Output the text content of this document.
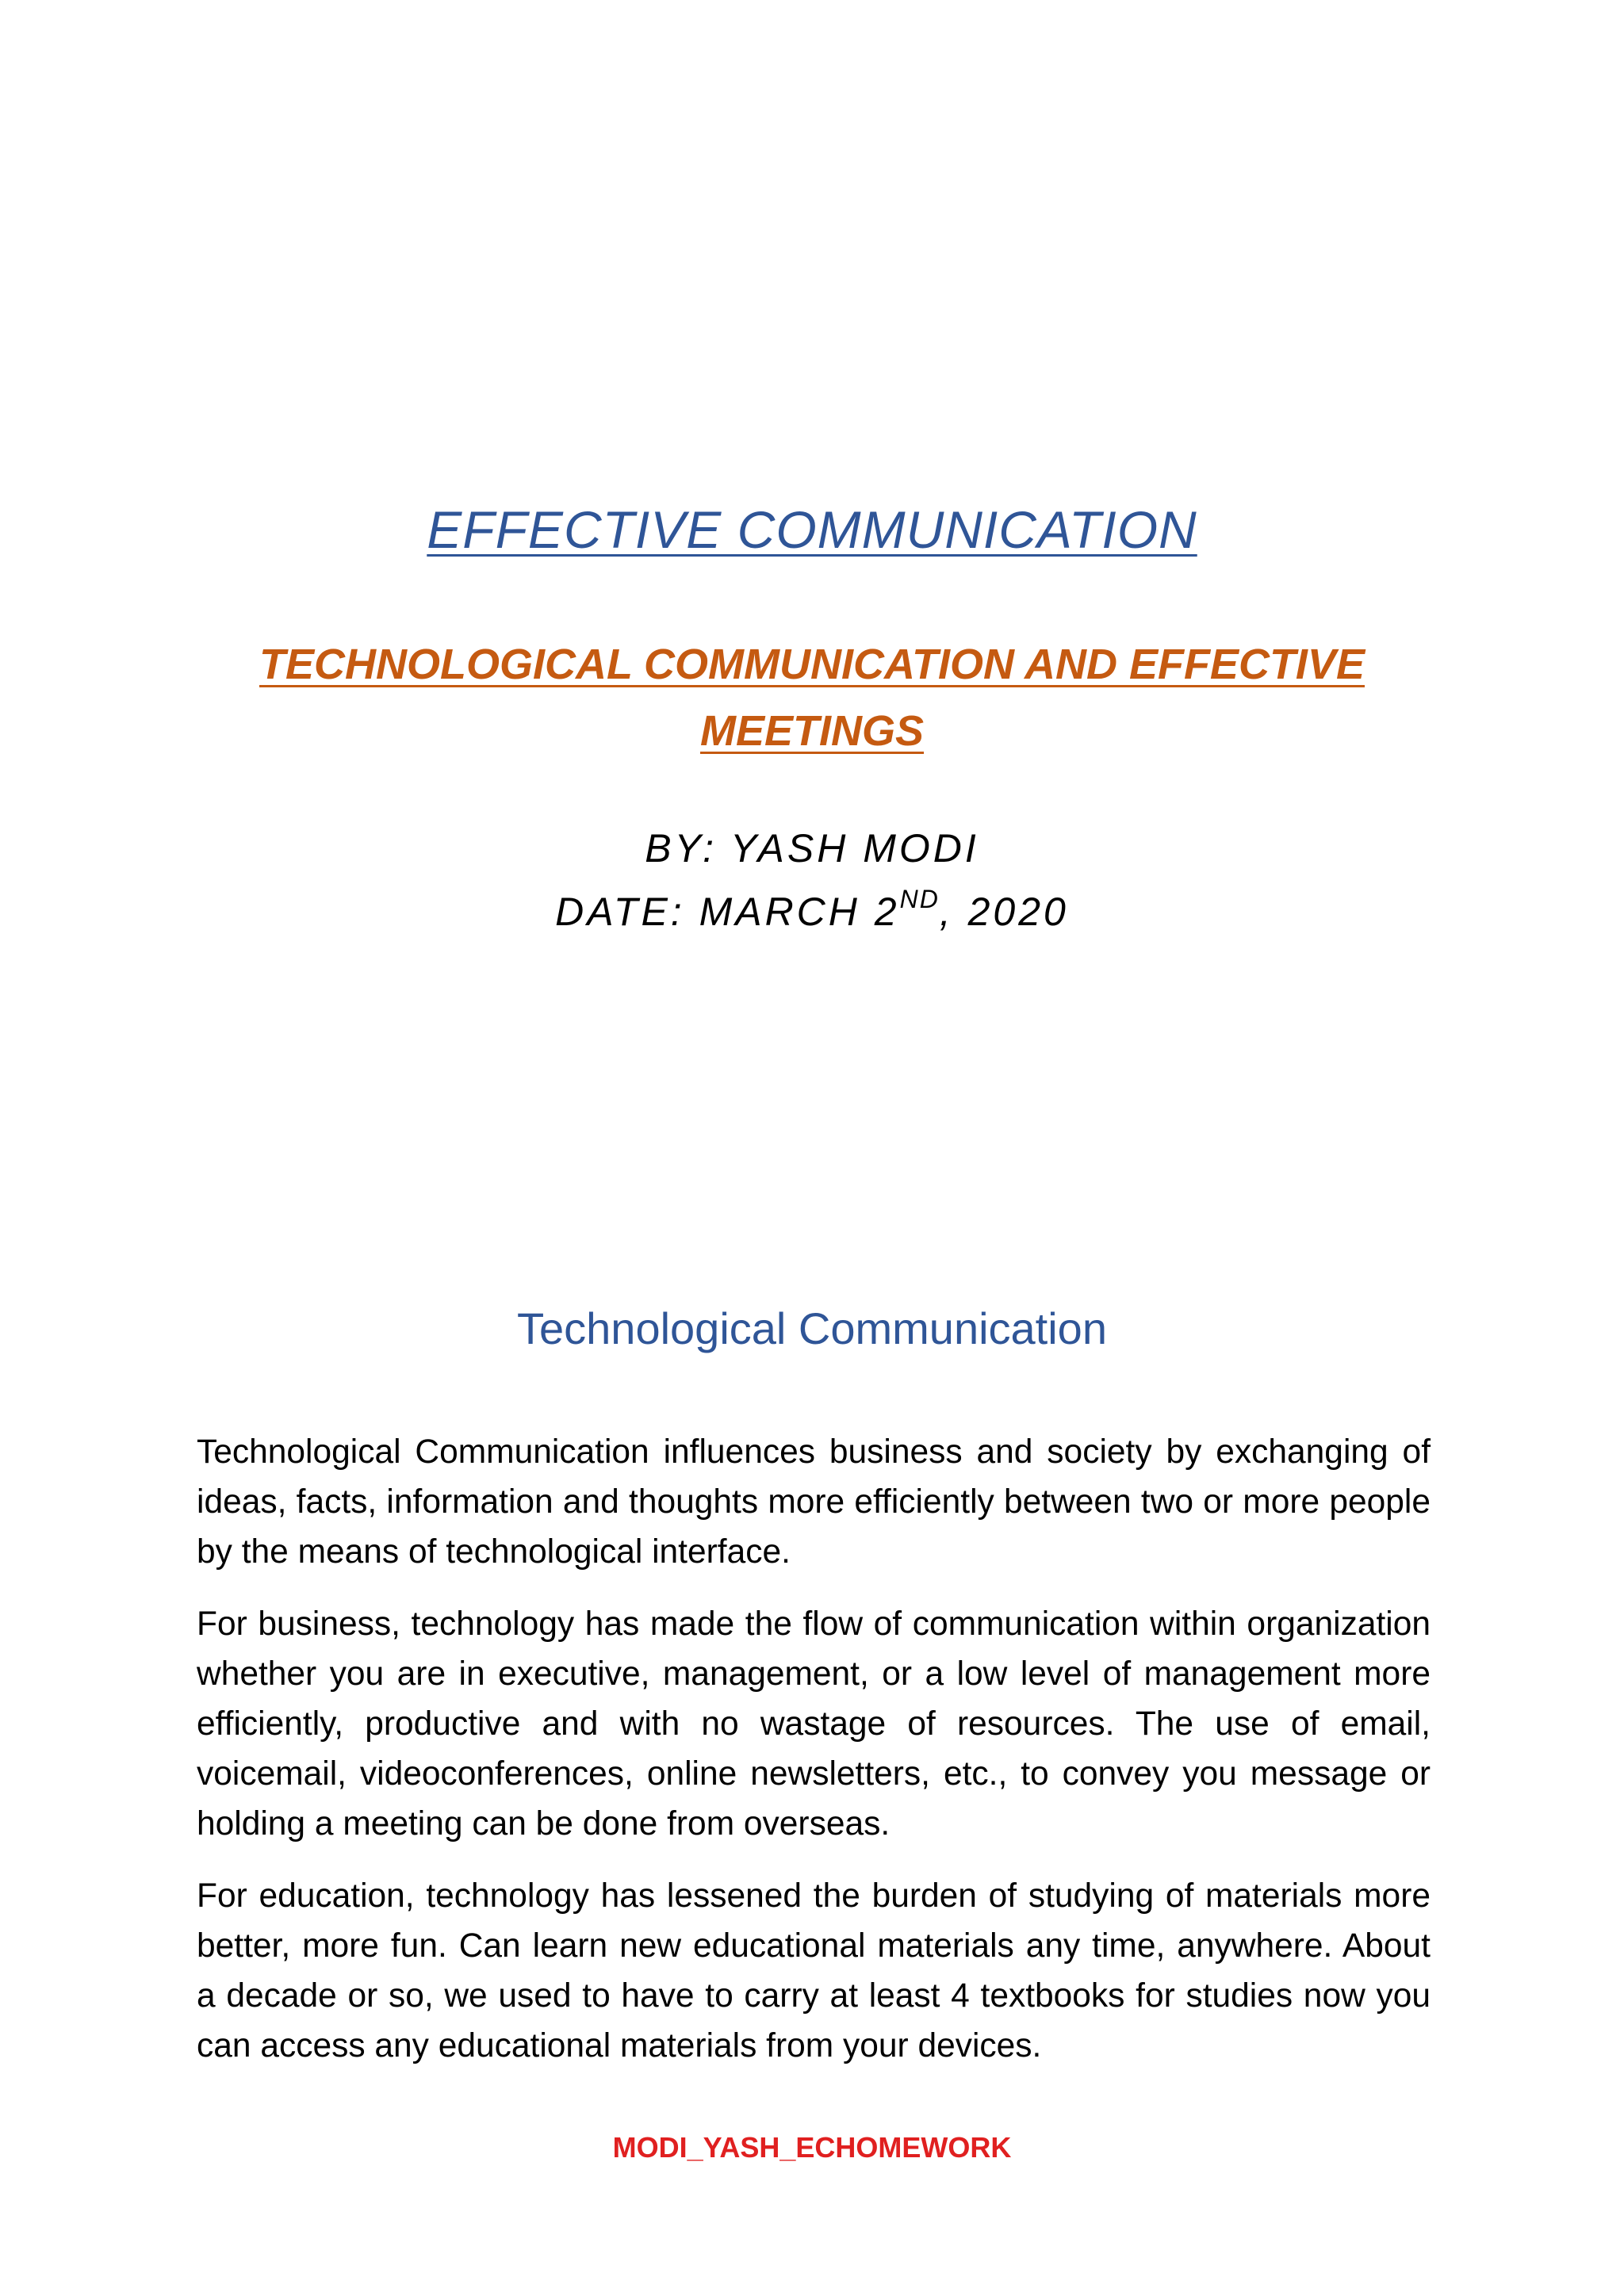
EFFECTIVE COMMUNICATION
TECHNOLOGICAL COMMUNICATION AND EFFECTIVE MEETINGS
BY: YASH MODI
DATE: MARCH 2ND, 2020
Technological Communication

Technological Communication influences business and society by exchanging of ideas, facts, information and thoughts more efficiently between two or more people by the means of technological interface.

For business, technology has made the flow of communication within organization whether you are in executive, management, or a low level of management more efficiently, productive and with no wastage of resources. The use of email, voicemail, videoconferences, online newsletters, etc., to convey you message or holding a meeting can be done from overseas.

For education, technology has lessened the burden of studying of materials more better, more fun. Can learn new educational materials any time, anywhere. About a decade or so, we used to have to carry at least 4 textbooks for studies now you can access any educational materials from your devices.

MODI_YASH_ECHOMEWORK
